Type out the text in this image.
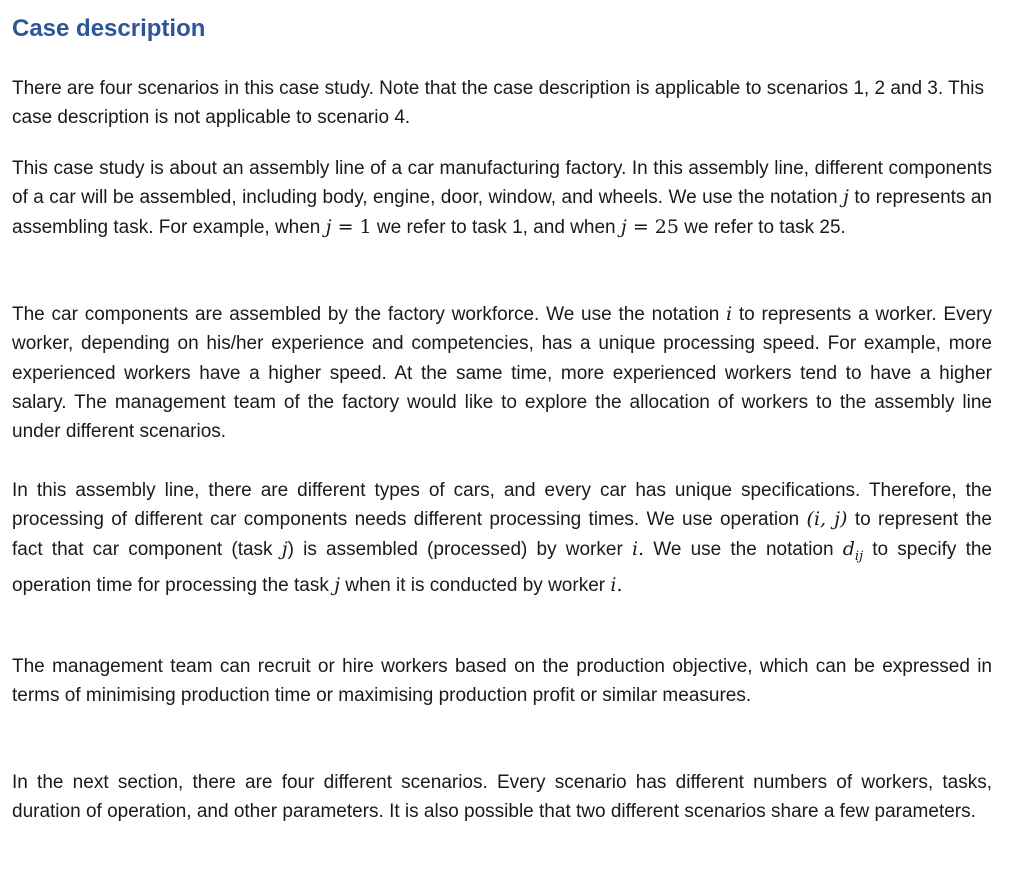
Case description

There are four scenarios in this case study. Note that the case description is applicable to scenarios 1, 2 and 3. This case description is not applicable to scenario 4.

This case study is about an assembly line of a car manufacturing factory. In this assembly line, different components of a car will be assembled, including body, engine, door, window, and wheels. We use the notation j to represents an assembling task. For example, when j = 1 we refer to task 1, and when j = 25 we refer to task 25.

The car components are assembled by the factory workforce. We use the notation i to represents a worker. Every worker, depending on his/her experience and competencies, has a unique processing speed. For example, more experienced workers have a higher speed. At the same time, more experienced workers tend to have a higher salary. The management team of the factory would like to explore the allocation of workers to the assembly line under different scenarios.

In this assembly line, there are different types of cars, and every car has unique specifications. Therefore, the processing of different car components needs different processing times. We use operation (i, j) to represent the fact that car component (task j) is assembled (processed) by worker i. We use the notation $d_{ij}$ to specify the operation time for processing the task j when it is conducted by worker i.

The management team can recruit or hire workers based on the production objective, which can be expressed in terms of minimising production time or maximising production profit or similar measures.

In the next section, there are four different scenarios. Every scenario has different numbers of workers, tasks, duration of operation, and other parameters. It is also possible that two different scenarios share a few parameters.
